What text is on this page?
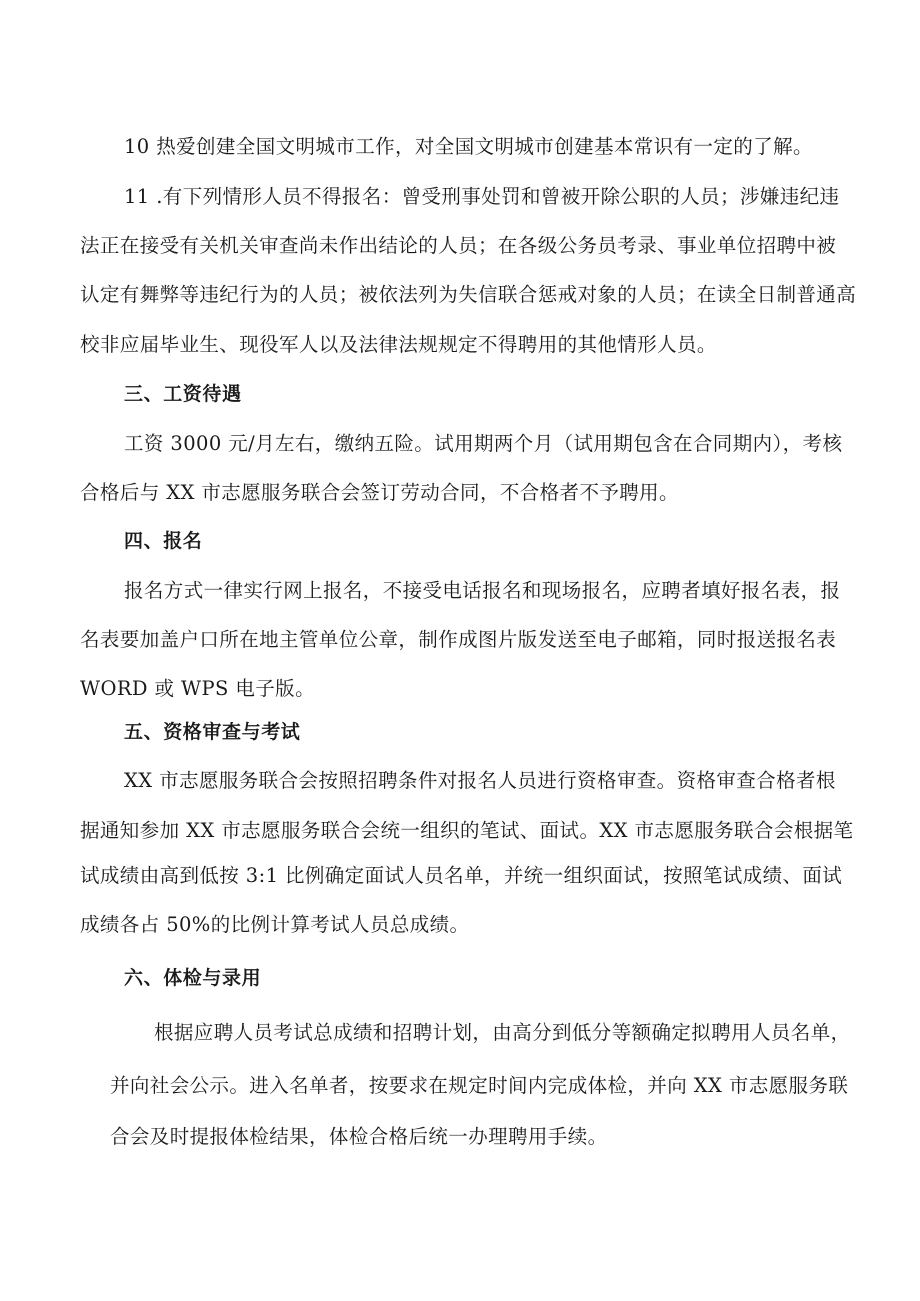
10 热爱创建全国文明城市工作，对全国文明城市创建基本常识有一定的了解。
11 .有下列情形人员不得报名：曾受刑事处罚和曾被开除公职的人员；涉嫌违纪违
法正在接受有关机关审查尚未作出结论的人员；在各级公务员考录、事业单位招聘中被
认定有舞弊等违纪行为的人员；被依法列为失信联合惩戒对象的人员；在读全日制普通高
校非应届毕业生、现役军人以及法律法规规定不得聘用的其他情形人员。
三、工资待遇
工资 3000 元/月左右，缴纳五险。试用期两个月（试用期包含在合同期内），考核
合格后与 XX 市志愿服务联合会签订劳动合同，不合格者不予聘用。
四、报名
报名方式一律实行网上报名，不接受电话报名和现场报名，应聘者填好报名表，报
名表要加盖户口所在地主管单位公章，制作成图片版发送至电子邮箱，同时报送报名表
WORD 或 WPS 电子版。
五、资格审查与考试
XX 市志愿服务联合会按照招聘条件对报名人员进行资格审查。资格审查合格者根
据通知参加 XX 市志愿服务联合会统一组织的笔试、面试。XX 市志愿服务联合会根据笔
试成绩由高到低按 3:1 比例确定面试人员名单，并统一组织面试，按照笔试成绩、面试
成绩各占 50%的比例计算考试人员总成绩。
六、体检与录用
根据应聘人员考试总成绩和招聘计划，由高分到低分等额确定拟聘用人员名单，
并向社会公示。进入名单者，按要求在规定时间内完成体检，并向 XX 市志愿服务联
合会及时提报体检结果，体检合格后统一办理聘用手续。
